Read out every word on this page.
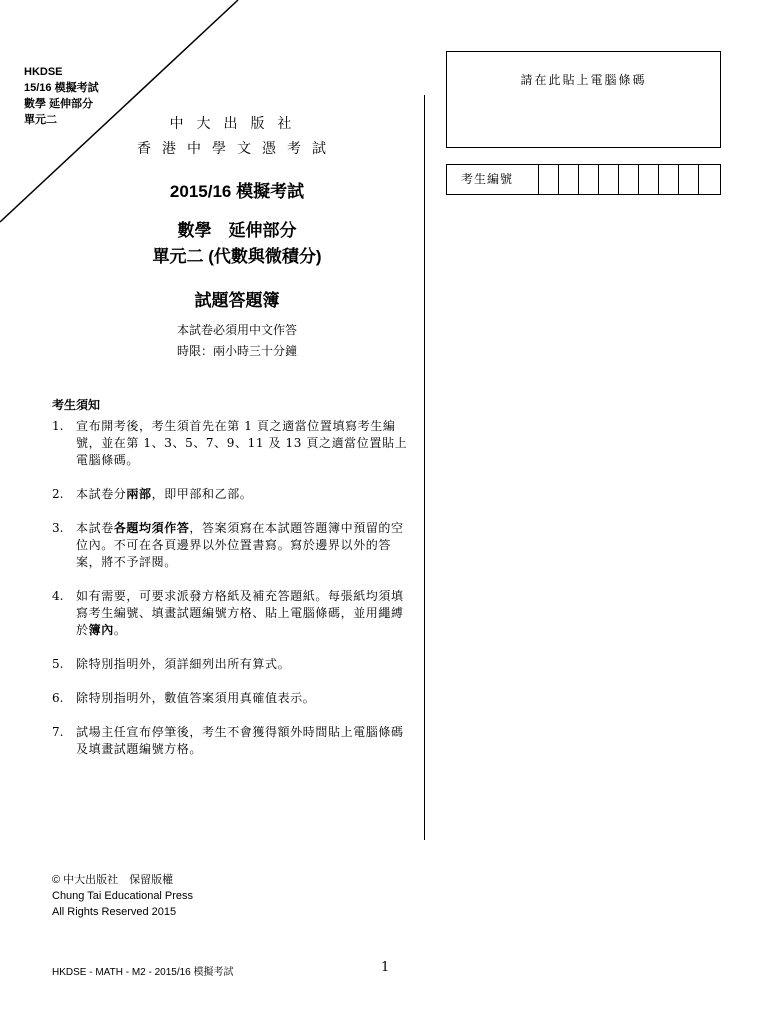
HKDSE
15/16 模擬考試
數學 延伸部分
單元二	中大出版社
香港中學文憑考試
2015/16 模擬考試
數學　延伸部分
單元二 (代數與微積分)
試題答題簿
本試卷必須用中文作答
時限：兩小時三十分鐘
請在此貼上電腦條碼
考生編號
考生須知
1.	宣布開考後，考生須首先在第 1 頁之適當位置填寫考生編號，並在第 1、3、5、7、9、11 及 13 頁之適當位置貼上電腦條碼。
2.	本試卷分兩部，即甲部和乙部。
3.	本試卷各題均須作答，答案須寫在本試題答題簿中預留的空位內。不可在各頁邊界以外位置書寫。寫於邊界以外的答案，將不予評閱。
4.	如有需要，可要求派發方格紙及補充答題紙。每張紙均須填寫考生編號、填畫試題編號方格、貼上電腦條碼，並用繩縛於簿內。
5.	除特別指明外，須詳細列出所有算式。
6.	除特別指明外，數值答案須用真確值表示。
7.	試場主任宣布停筆後，考生不會獲得額外時間貼上電腦條碼及填畫試題編號方格。
© 中大出版社　保留版權
Chung Tai Educational Press
All Rights Reserved 2015
HKDSE - MATH - M2 - 2015/16 模擬考試	1
